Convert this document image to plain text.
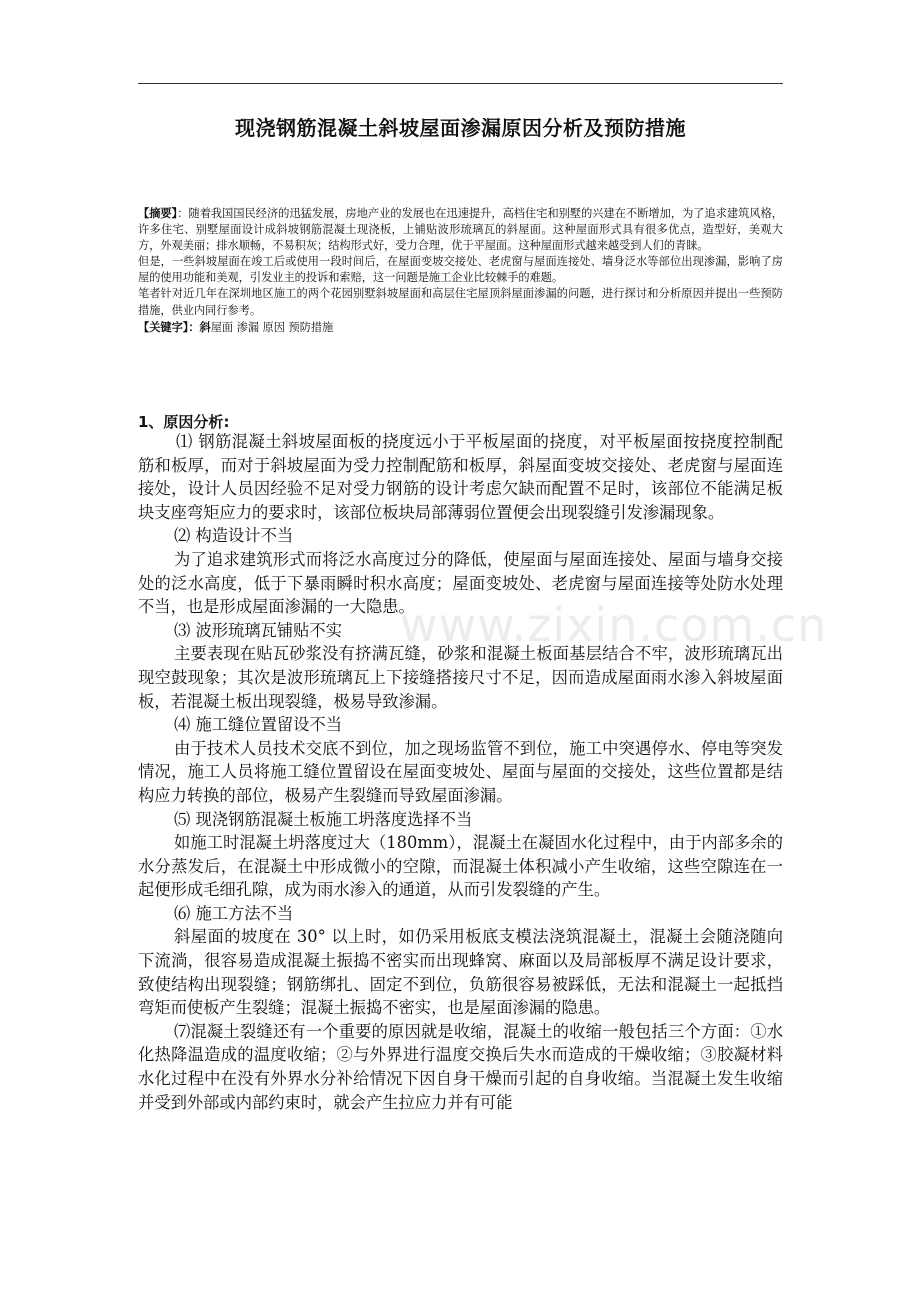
www.zixin.com.cn
现浇钢筋混凝土斜坡屋面渗漏原因分析及预防措施

【摘要】：随着我国国民经济的迅猛发展，房地产业的发展也在迅速提升，高档住宅和别墅的兴建在不断增加，为了追求建筑风格，许多住宅、别墅屋面设计成斜坡钢筋混凝土现浇板，上铺贴波形琉璃瓦的斜屋面。这种屋面形式具有很多优点，造型好，美观大方，外观美丽；排水顺畅，不易积灰；结构形式好，受力合理，优于平屋面。这种屋面形式越来越受到人们的青睐。

但是，一些斜坡屋面在竣工后或使用一段时间后，在屋面变坡交接处、老虎窗与屋面连接处、墙身泛水等部位出现渗漏，影响了房屋的使用功能和美观，引发业主的投诉和索赔，这一问题是施工企业比较棘手的难题。

笔者针对近几年在深圳地区施工的两个花园别墅斜坡屋面和高层住宅屋顶斜屋面渗漏的问题，进行探讨和分析原因并提出一些预防措施，供业内同行参考。

【关键字】：斜屋面 渗漏 原因 预防措施

1、原因分析:

⑴ 钢筋混凝土斜坡屋面板的挠度远小于平板屋面的挠度，对平板屋面按挠度控制配筋和板厚，而对于斜坡屋面为受力控制配筋和板厚，斜屋面变坡交接处、老虎窗与屋面连接处，设计人员因经验不足对受力钢筋的设计考虑欠缺而配置不足时，该部位不能满足板块支座弯矩应力的要求时，该部位板块局部薄弱位置便会出现裂缝引发渗漏现象。

⑵ 构造设计不当

为了追求建筑形式而将泛水高度过分的降低，使屋面与屋面连接处、屋面与墙身交接处的泛水高度，低于下暴雨瞬时积水高度；屋面变坡处、老虎窗与屋面连接等处防水处理不当，也是形成屋面渗漏的一大隐患。

⑶ 波形琉璃瓦铺贴不实

主要表现在贴瓦砂浆没有挤满瓦缝，砂浆和混凝土板面基层结合不牢，波形琉璃瓦出现空鼓现象；其次是波形琉璃瓦上下接缝搭接尺寸不足，因而造成屋面雨水渗入斜坡屋面板，若混凝土板出现裂缝，极易导致渗漏。

⑷ 施工缝位置留设不当

由于技术人员技术交底不到位，加之现场监管不到位，施工中突遇停水、停电等突发情况，施工人员将施工缝位置留设在屋面变坡处、屋面与屋面的交接处，这些位置都是结构应力转换的部位，极易产生裂缝而导致屋面渗漏。

⑸ 现浇钢筋混凝土板施工坍落度选择不当

如施工时混凝土坍落度过大（180mm），混凝土在凝固水化过程中，由于内部多余的水分蒸发后，在混凝土中形成微小的空隙，而混凝土体积减小产生收缩，这些空隙连在一起便形成毛细孔隙，成为雨水渗入的通道，从而引发裂缝的产生。

⑹ 施工方法不当

斜屋面的坡度在 30° 以上时，如仍采用板底支模法浇筑混凝土，混凝土会随浇随向下流淌，很容易造成混凝土振捣不密实而出现蜂窝、麻面以及局部板厚不满足设计要求，致使结构出现裂缝；钢筋绑扎、固定不到位，负筋很容易被踩低，无法和混凝土一起抵挡弯矩而使板产生裂缝；混凝土振捣不密实，也是屋面渗漏的隐患。

⑺混凝土裂缝还有一个重要的原因就是收缩，混凝土的收缩一般包括三个方面：①水化热降温造成的温度收缩；②与外界进行温度交换后失水而造成的干燥收缩；③胶凝材料水化过程中在没有外界水分补给情况下因自身干燥而引起的自身收缩。当混凝土发生收缩并受到外部或内部约束时，就会产生拉应力并有可能
